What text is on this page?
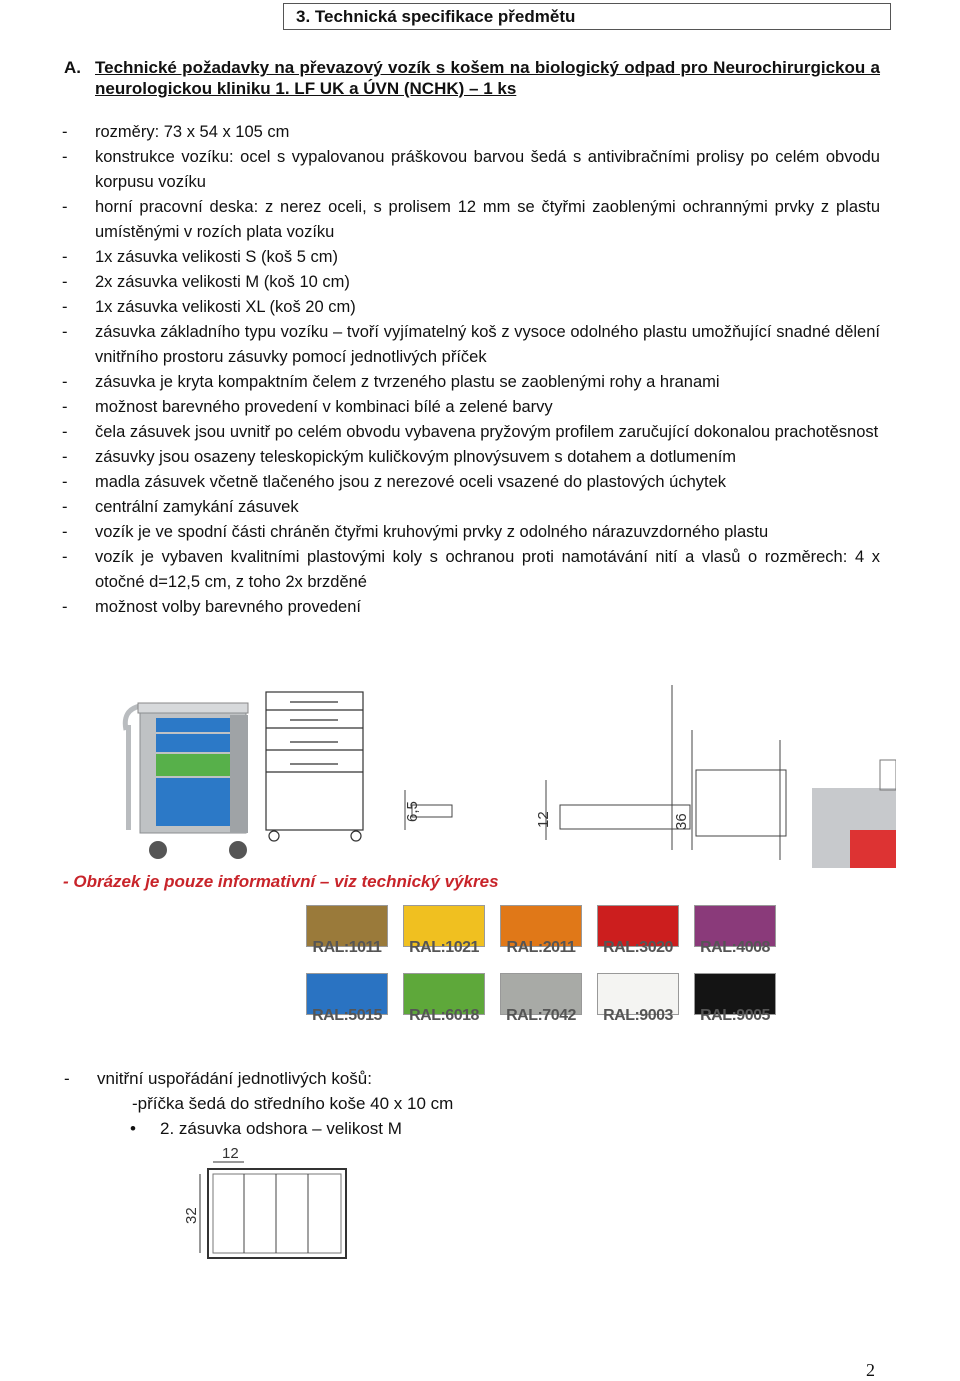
3. Technická specifikace předmětu
A. Technické požadavky na převazový vozík s košem na biologický odpad pro Neurochirurgickou a neurologickou kliniku 1. LF UK a ÚVN (NCHK) – 1 ks
- rozměry: 73 x 54 x 105 cm
- konstrukce vozíku: ocel s vypalovanou práškovou barvou šedá s antivibračními prolisy po celém obvodu korpusu vozíku
- horní pracovní deska: z nerez oceli, s prolisem 12 mm se čtyřmi zaoblenými ochrannými prvky z plastu umístěnými v rozích plata vozíku
- 1x zásuvka velikosti S (koš 5 cm)
- 2x zásuvka velikosti M (koš 10 cm)
- 1x zásuvka velikosti XL (koš 20 cm)
- zásuvka základního typu vozíku – tvoří vyjímatelný koš z vysoce odolného plastu umožňující snadné dělení vnitřního prostoru zásuvky pomocí jednotlivých příček
- zásuvka je kryta kompaktním čelem z tvrzeného plastu se zaoblenými rohy a hranami
- možnost barevného provedení v kombinaci bílé a zelené barvy
- čela zásuvek jsou uvnitř po celém obvodu vybavena pryžovým profilem zaručující dokonalou prachotěsnost
- zásuvky jsou osazeny teleskopickým kuličkovým plnovýsuvem s dotahem a dotlumením
- madla zásuvek včetně tlačeného jsou z nerezové oceli vsazené do plastových úchytek
- centrální zamykání zásuvek
- vozík je ve spodní části chráněn čtyřmi kruhovými prvky z odolného nárazuvzdorného plastu
- vozík je vybaven kvalitními plastovými koly s ochranou proti namotávání nití a vlasů o rozměrech: 4 x otočné d=12,5 cm, z toho 2x brzděné
- možnost volby barevného provedení
6,5	12	36
- Obrázek je pouze informativní – viz technický výkres
RAL:1011	RAL:1021	RAL:2011	RAL:3020	RAL:4008
RAL:5015	RAL:6018	RAL:7042	RAL:9003	RAL:9005
- vnitřní uspořádání jednotlivých košů:
-příčka šedá do středního koše 40 x 10 cm
• 2. zásuvka odshora – velikost M
12
32
2
